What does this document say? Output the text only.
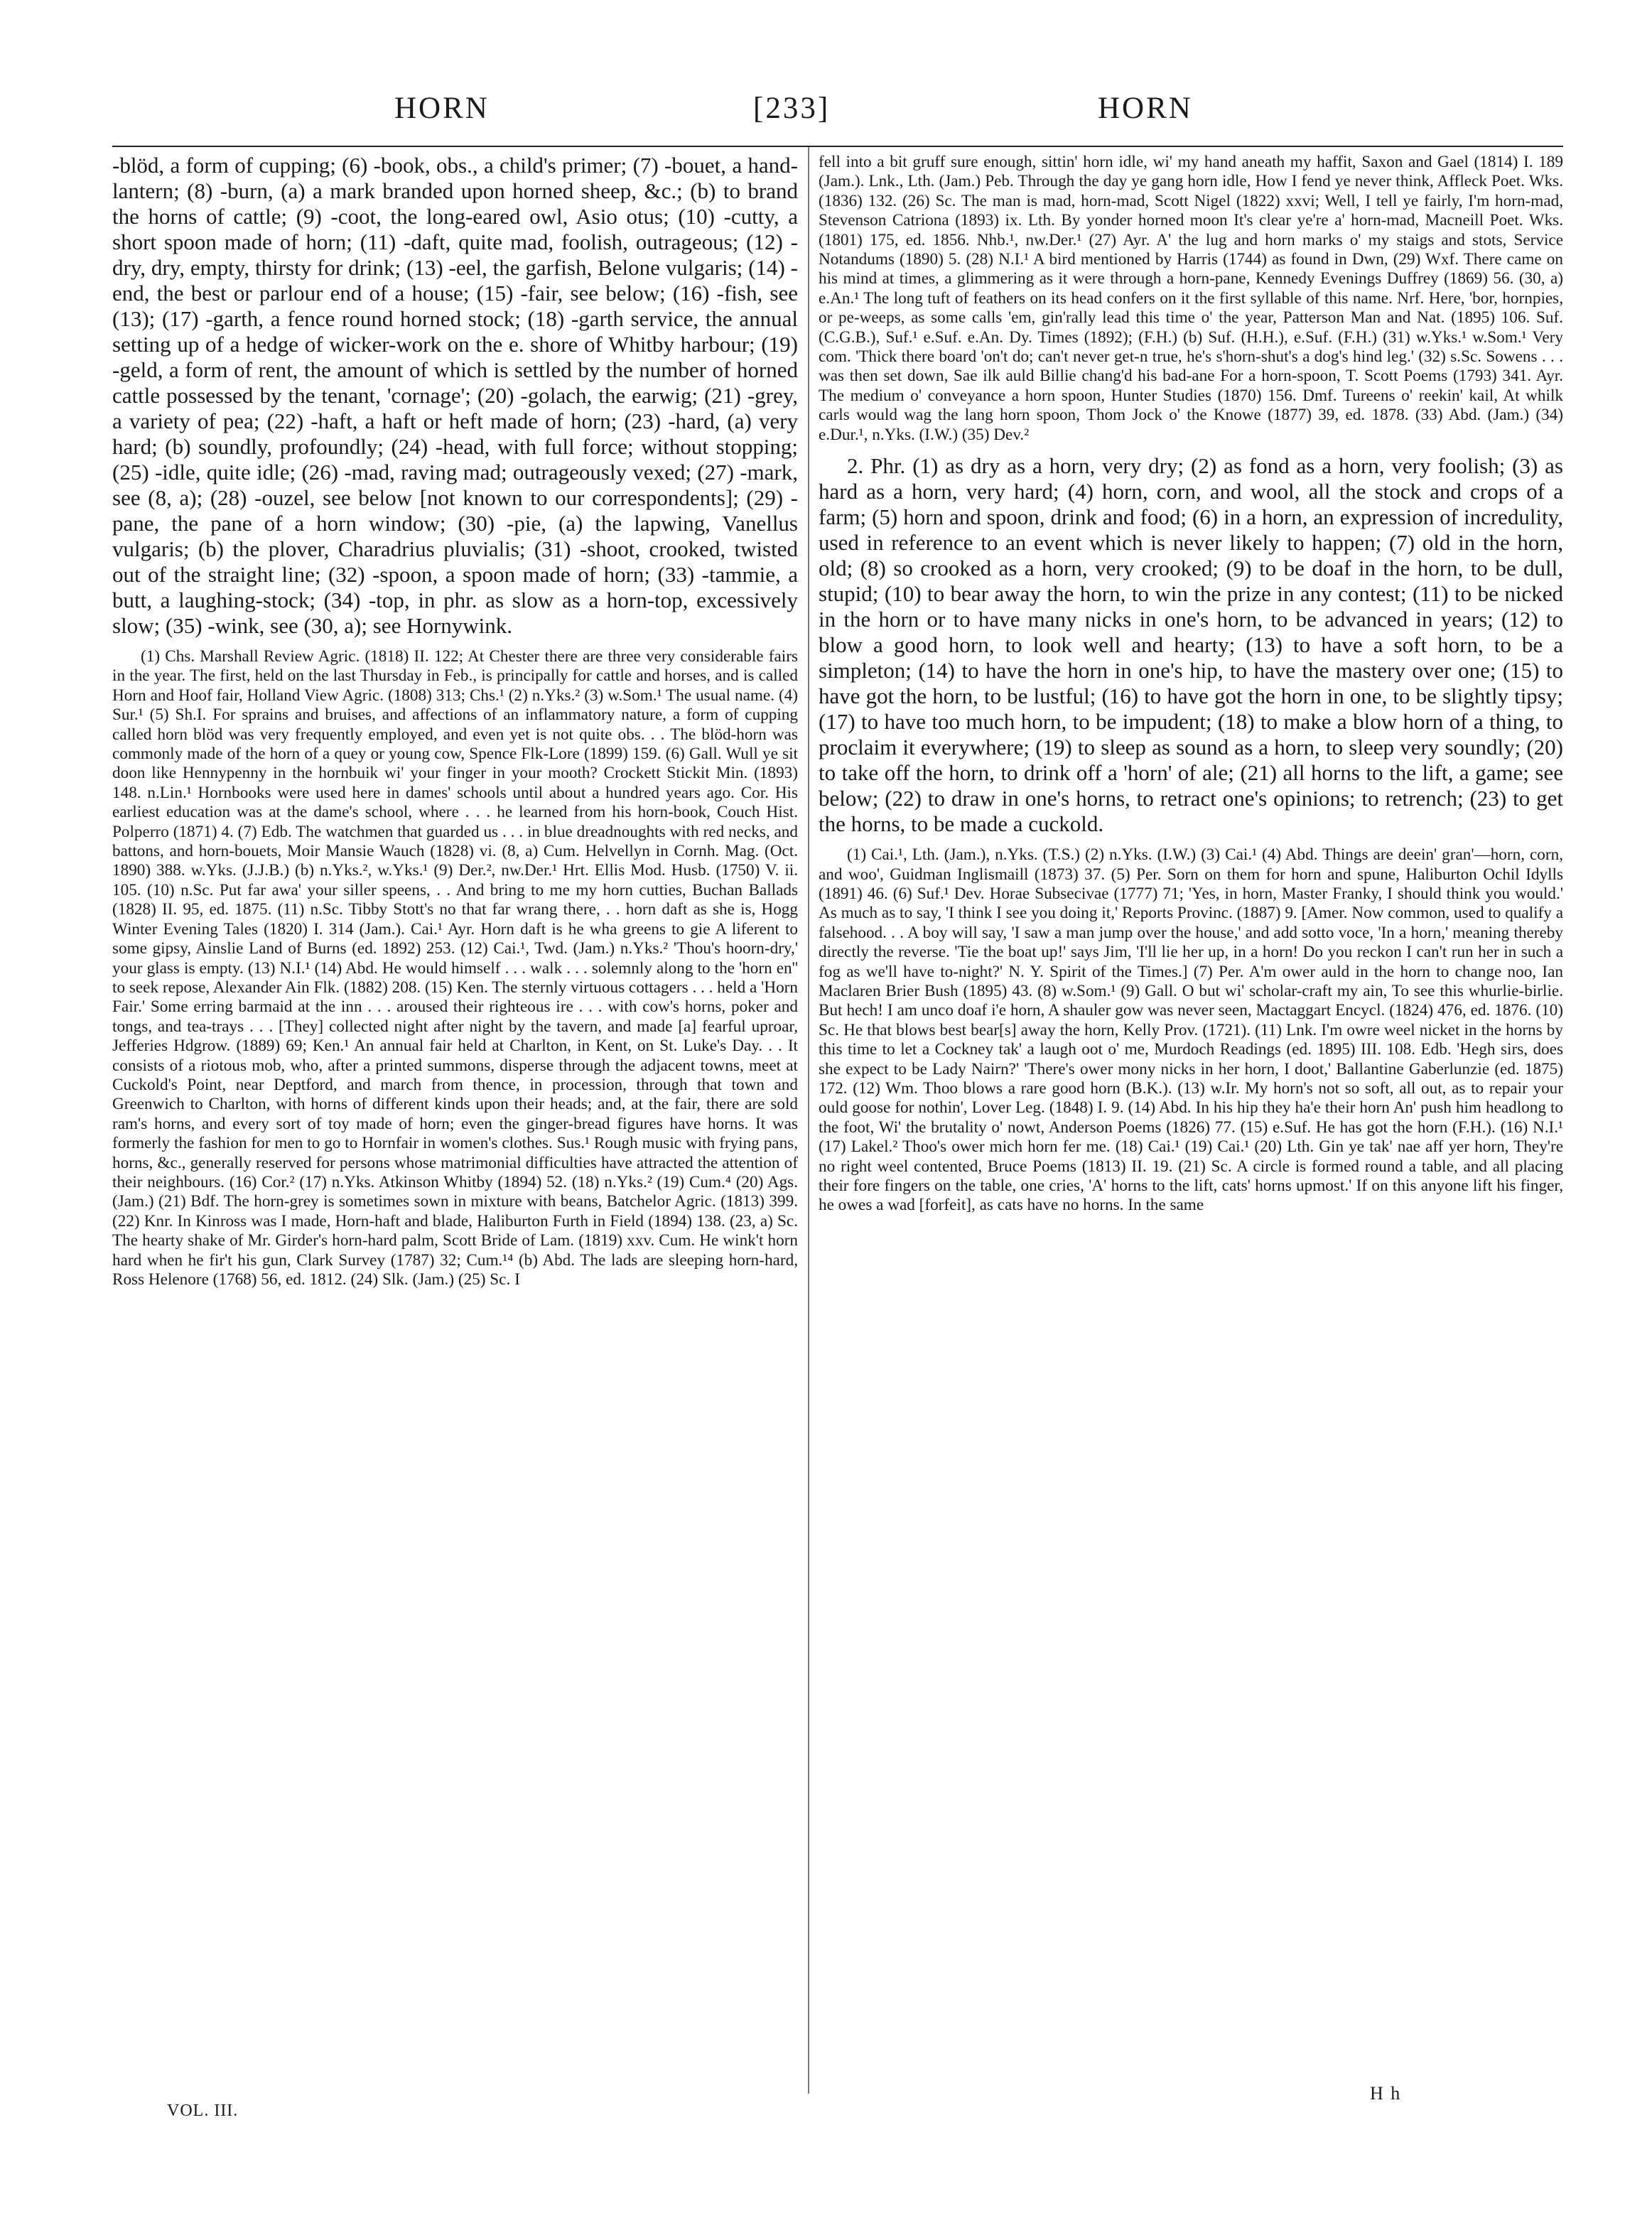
HORN	[233]	HORN

-blöd, a form of cupping; (6) -book, obs., a child's primer; (7) -bouet, a hand-lantern; (8) -burn, (a) a mark branded upon horned sheep, &c.; (b) to brand the horns of cattle; (9) -coot, the long-eared owl, Asio otus; (10) -cutty, a short spoon made of horn; (11) -daft, quite mad, foolish, outrageous; (12) -dry, dry, empty, thirsty for drink; (13) -eel, the garfish, Belone vulgaris; (14) -end, the best or parlour end of a house; (15) -fair, see below; (16) -fish, see (13); (17) -garth, a fence round horned stock; (18) -garth service, the annual setting up of a hedge of wicker-work on the e. shore of Whitby harbour; (19) -geld, a form of rent, the amount of which is settled by the number of horned cattle possessed by the tenant, 'cornage'; (20) -golach, the earwig; (21) -grey, a variety of pea; (22) -haft, a haft or heft made of horn; (23) -hard, (a) very hard; (b) soundly, profoundly; (24) -head, with full force; without stopping; (25) -idle, quite idle; (26) -mad, raving mad; outrageously vexed; (27) -mark, see (8, a); (28) -ouzel, see below [not known to our correspondents]; (29) -pane, the pane of a horn window; (30) -pie, (a) the lapwing, Vanellus vulgaris; (b) the plover, Charadrius pluvialis; (31) -shoot, crooked, twisted out of the straight line; (32) -spoon, a spoon made of horn; (33) -tammie, a butt, a laughing-stock; (34) -top, in phr. as slow as a horn-top, excessively slow; (35) -wink, see (30, a); see Hornywink.

(1) Chs. Marshall Review Agric. (1818) II. 122; At Chester there are three very considerable fairs in the year. The first, held on the last Thursday in Feb., is principally for cattle and horses, and is called Horn and Hoof fair, Holland View Agric. (1808) 313; Chs.¹ (2) n.Yks.² (3) w.Som.¹ The usual name. (4) Sur.¹ (5) Sh.I. For sprains and bruises, and affections of an inflammatory nature, a form of cupping called horn blöd was very frequently employed, and even yet is not quite obs. . . The blöd-horn was commonly made of the horn of a quey or young cow, Spence Flk-Lore (1899) 159. (6) Gall. Wull ye sit doon like Hennypenny in the hornbuik wi' your finger in your mooth? Crockett Stickit Min. (1893) 148. n.Lin.¹ Hornbooks were used here in dames' schools until about a hundred years ago. Cor. His earliest education was at the dame's school, where . . . he learned from his horn-book, Couch Hist. Polperro (1871) 4. (7) Edb. The watchmen that guarded us . . . in blue dreadnoughts with red necks, and battons, and horn-bouets, Moir Mansie Wauch (1828) vi. (8, a) Cum. Helvellyn in Cornh. Mag. (Oct. 1890) 388. w.Yks. (J.J.B.) (b) n.Yks.², w.Yks.¹ (9) Der.², nw.Der.¹ Hrt. Ellis Mod. Husb. (1750) V. ii. 105. (10) n.Sc. Put far awa' your siller speens, . . And bring to me my horn cutties, Buchan Ballads (1828) II. 95, ed. 1875. (11) n.Sc. Tibby Stott's no that far wrang there, . . horn daft as she is, Hogg Winter Evening Tales (1820) I. 314 (Jam.). Cai.¹ Ayr. Horn daft is he wha greens to gie A liferent to some gipsy, Ainslie Land of Burns (ed. 1892) 253. (12) Cai.¹, Twd. (Jam.) n.Yks.² 'Thou's hoorn-dry,' your glass is empty. (13) N.I.¹ (14) Abd. He would himself . . . walk . . . solemnly along to the 'horn en'' to seek repose, Alexander Ain Flk. (1882) 208. (15) Ken. The sternly virtuous cottagers . . . held a 'Horn Fair.' Some erring barmaid at the inn . . . aroused their righteous ire . . . with cow's horns, poker and tongs, and tea-trays . . . [They] collected night after night by the tavern, and made [a] fearful uproar, Jefferies Hdgrow. (1889) 69; Ken.¹ An annual fair held at Charlton, in Kent, on St. Luke's Day. . . It consists of a riotous mob, who, after a printed summons, disperse through the adjacent towns, meet at Cuckold's Point, near Deptford, and march from thence, in procession, through that town and Greenwich to Charlton, with horns of different kinds upon their heads; and, at the fair, there are sold ram's horns, and every sort of toy made of horn; even the ginger-bread figures have horns. It was formerly the fashion for men to go to Hornfair in women's clothes. Sus.¹ Rough music with frying pans, horns, &c., generally reserved for persons whose matrimonial difficulties have attracted the attention of their neighbours. (16) Cor.² (17) n.Yks. Atkinson Whitby (1894) 52. (18) n.Yks.² (19) Cum.⁴ (20) Ags. (Jam.) (21) Bdf. The horn-grey is sometimes sown in mixture with beans, Batchelor Agric. (1813) 399. (22) Knr. In Kinross was I made, Horn-haft and blade, Haliburton Furth in Field (1894) 138. (23, a) Sc. The hearty shake of Mr. Girder's horn-hard palm, Scott Bride of Lam. (1819) xxv. Cum. He wink't horn hard when he fir't his gun, Clark Survey (1787) 32; Cum.¹⁴ (b) Abd. The lads are sleeping horn-hard, Ross Helenore (1768) 56, ed. 1812. (24) Slk. (Jam.) (25) Sc. I

fell into a bit gruff sure enough, sittin' horn idle, wi' my hand aneath my haffit, Saxon and Gael (1814) I. 189 (Jam.). Lnk., Lth. (Jam.) Peb. Through the day ye gang horn idle, How I fend ye never think, Affleck Poet. Wks. (1836) 132. (26) Sc. The man is mad, horn-mad, Scott Nigel (1822) xxvi; Well, I tell ye fairly, I'm horn-mad, Stevenson Catriona (1893) ix. Lth. By yonder horned moon It's clear ye're a' horn-mad, Macneill Poet. Wks. (1801) 175, ed. 1856. Nhb.¹, nw.Der.¹ (27) Ayr. A' the lug and horn marks o' my staigs and stots, Service Notandums (1890) 5. (28) N.I.¹ A bird mentioned by Harris (1744) as found in Dwn, (29) Wxf. There came on his mind at times, a glimmering as it were through a horn-pane, Kennedy Evenings Duffrey (1869) 56. (30, a) e.An.¹ The long tuft of feathers on its head confers on it the first syllable of this name. Nrf. Here, 'bor, hornpies, or pe-weeps, as some calls 'em, gin'rally lead this time o' the year, Patterson Man and Nat. (1895) 106. Suf. (C.G.B.), Suf.¹ e.Suf. e.An. Dy. Times (1892); (F.H.) (b) Suf. (H.H.), e.Suf. (F.H.) (31) w.Yks.¹ w.Som.¹ Very com. 'Thick there board 'on't do; can't never get-n true, he's s'horn-shut's a dog's hind leg.' (32) s.Sc. Sowens . . . was then set down, Sae ilk auld Billie chang'd his bad-ane For a horn-spoon, T. Scott Poems (1793) 341. Ayr. The medium o' conveyance a horn spoon, Hunter Studies (1870) 156. Dmf. Tureens o' reekin' kail, At whilk carls would wag the lang horn spoon, Thom Jock o' the Knowe (1877) 39, ed. 1878. (33) Abd. (Jam.) (34) e.Dur.¹, n.Yks. (I.W.) (35) Dev.²

2. Phr. (1) as dry as a horn, very dry; (2) as fond as a horn, very foolish; (3) as hard as a horn, very hard; (4) horn, corn, and wool, all the stock and crops of a farm; (5) horn and spoon, drink and food; (6) in a horn, an expression of incredulity, used in reference to an event which is never likely to happen; (7) old in the horn, old; (8) so crooked as a horn, very crooked; (9) to be doaf in the horn, to be dull, stupid; (10) to bear away the horn, to win the prize in any contest; (11) to be nicked in the horn or to have many nicks in one's horn, to be advanced in years; (12) to blow a good horn, to look well and hearty; (13) to have a soft horn, to be a simpleton; (14) to have the horn in one's hip, to have the mastery over one; (15) to have got the horn, to be lustful; (16) to have got the horn in one, to be slightly tipsy; (17) to have too much horn, to be impudent; (18) to make a blow horn of a thing, to proclaim it everywhere; (19) to sleep as sound as a horn, to sleep very soundly; (20) to take off the horn, to drink off a 'horn' of ale; (21) all horns to the lift, a game; see below; (22) to draw in one's horns, to retract one's opinions; to retrench; (23) to get the horns, to be made a cuckold.

(1) Cai.¹, Lth. (Jam.), n.Yks. (T.S.) (2) n.Yks. (I.W.) (3) Cai.¹ (4) Abd. Things are deein' gran'—horn, corn, and woo', Guidman Inglismaill (1873) 37. (5) Per. Sorn on them for horn and spune, Haliburton Ochil Idylls (1891) 46. (6) Suf.¹ Dev. Horae Subsecivae (1777) 71; 'Yes, in horn, Master Franky, I should think you would.' As much as to say, 'I think I see you doing it,' Reports Provinc. (1887) 9. [Amer. Now common, used to qualify a falsehood. . . A boy will say, 'I saw a man jump over the house,' and add sotto voce, 'In a horn,' meaning thereby directly the reverse. 'Tie the boat up!' says Jim, 'I'll lie her up, in a horn! Do you reckon I can't run her in such a fog as we'll have to-night?' N. Y. Spirit of the Times.] (7) Per. A'm ower auld in the horn to change noo, Ian Maclaren Brier Bush (1895) 43. (8) w.Som.¹ (9) Gall. O but wi' scholar-craft my ain, To see this whurlie-birlie. But hech! I am unco doaf i'e horn, A shauler gow was never seen, Mactaggart Encycl. (1824) 476, ed. 1876. (10) Sc. He that blows best bear[s] away the horn, Kelly Prov. (1721). (11) Lnk. I'm owre weel nicket in the horns by this time to let a Cockney tak' a laugh oot o' me, Murdoch Readings (ed. 1895) III. 108. Edb. 'Hegh sirs, does she expect to be Lady Nairn?' 'There's ower mony nicks in her horn, I doot,' Ballantine Gaberlunzie (ed. 1875) 172. (12) Wm. Thoo blows a rare good horn (B.K.). (13) w.Ir. My horn's not so soft, all out, as to repair your ould goose for nothin', Lover Leg. (1848) I. 9. (14) Abd. In his hip they ha'e their horn An' push him headlong to the foot, Wi' the brutality o' nowt, Anderson Poems (1826) 77. (15) e.Suf. He has got the horn (F.H.). (16) N.I.¹ (17) Lakel.² Thoo's ower mich horn fer me. (18) Cai.¹ (19) Cai.¹ (20) Lth. Gin ye tak' nae aff yer horn, They're no right weel contented, Bruce Poems (1813) II. 19. (21) Sc. A circle is formed round a table, and all placing their fore fingers on the table, one cries, 'A' horns to the lift, cats' horns upmost.' If on this anyone lift his finger, he owes a wad [forfeit], as cats have no horns. In the same

VOL. III.
H h
